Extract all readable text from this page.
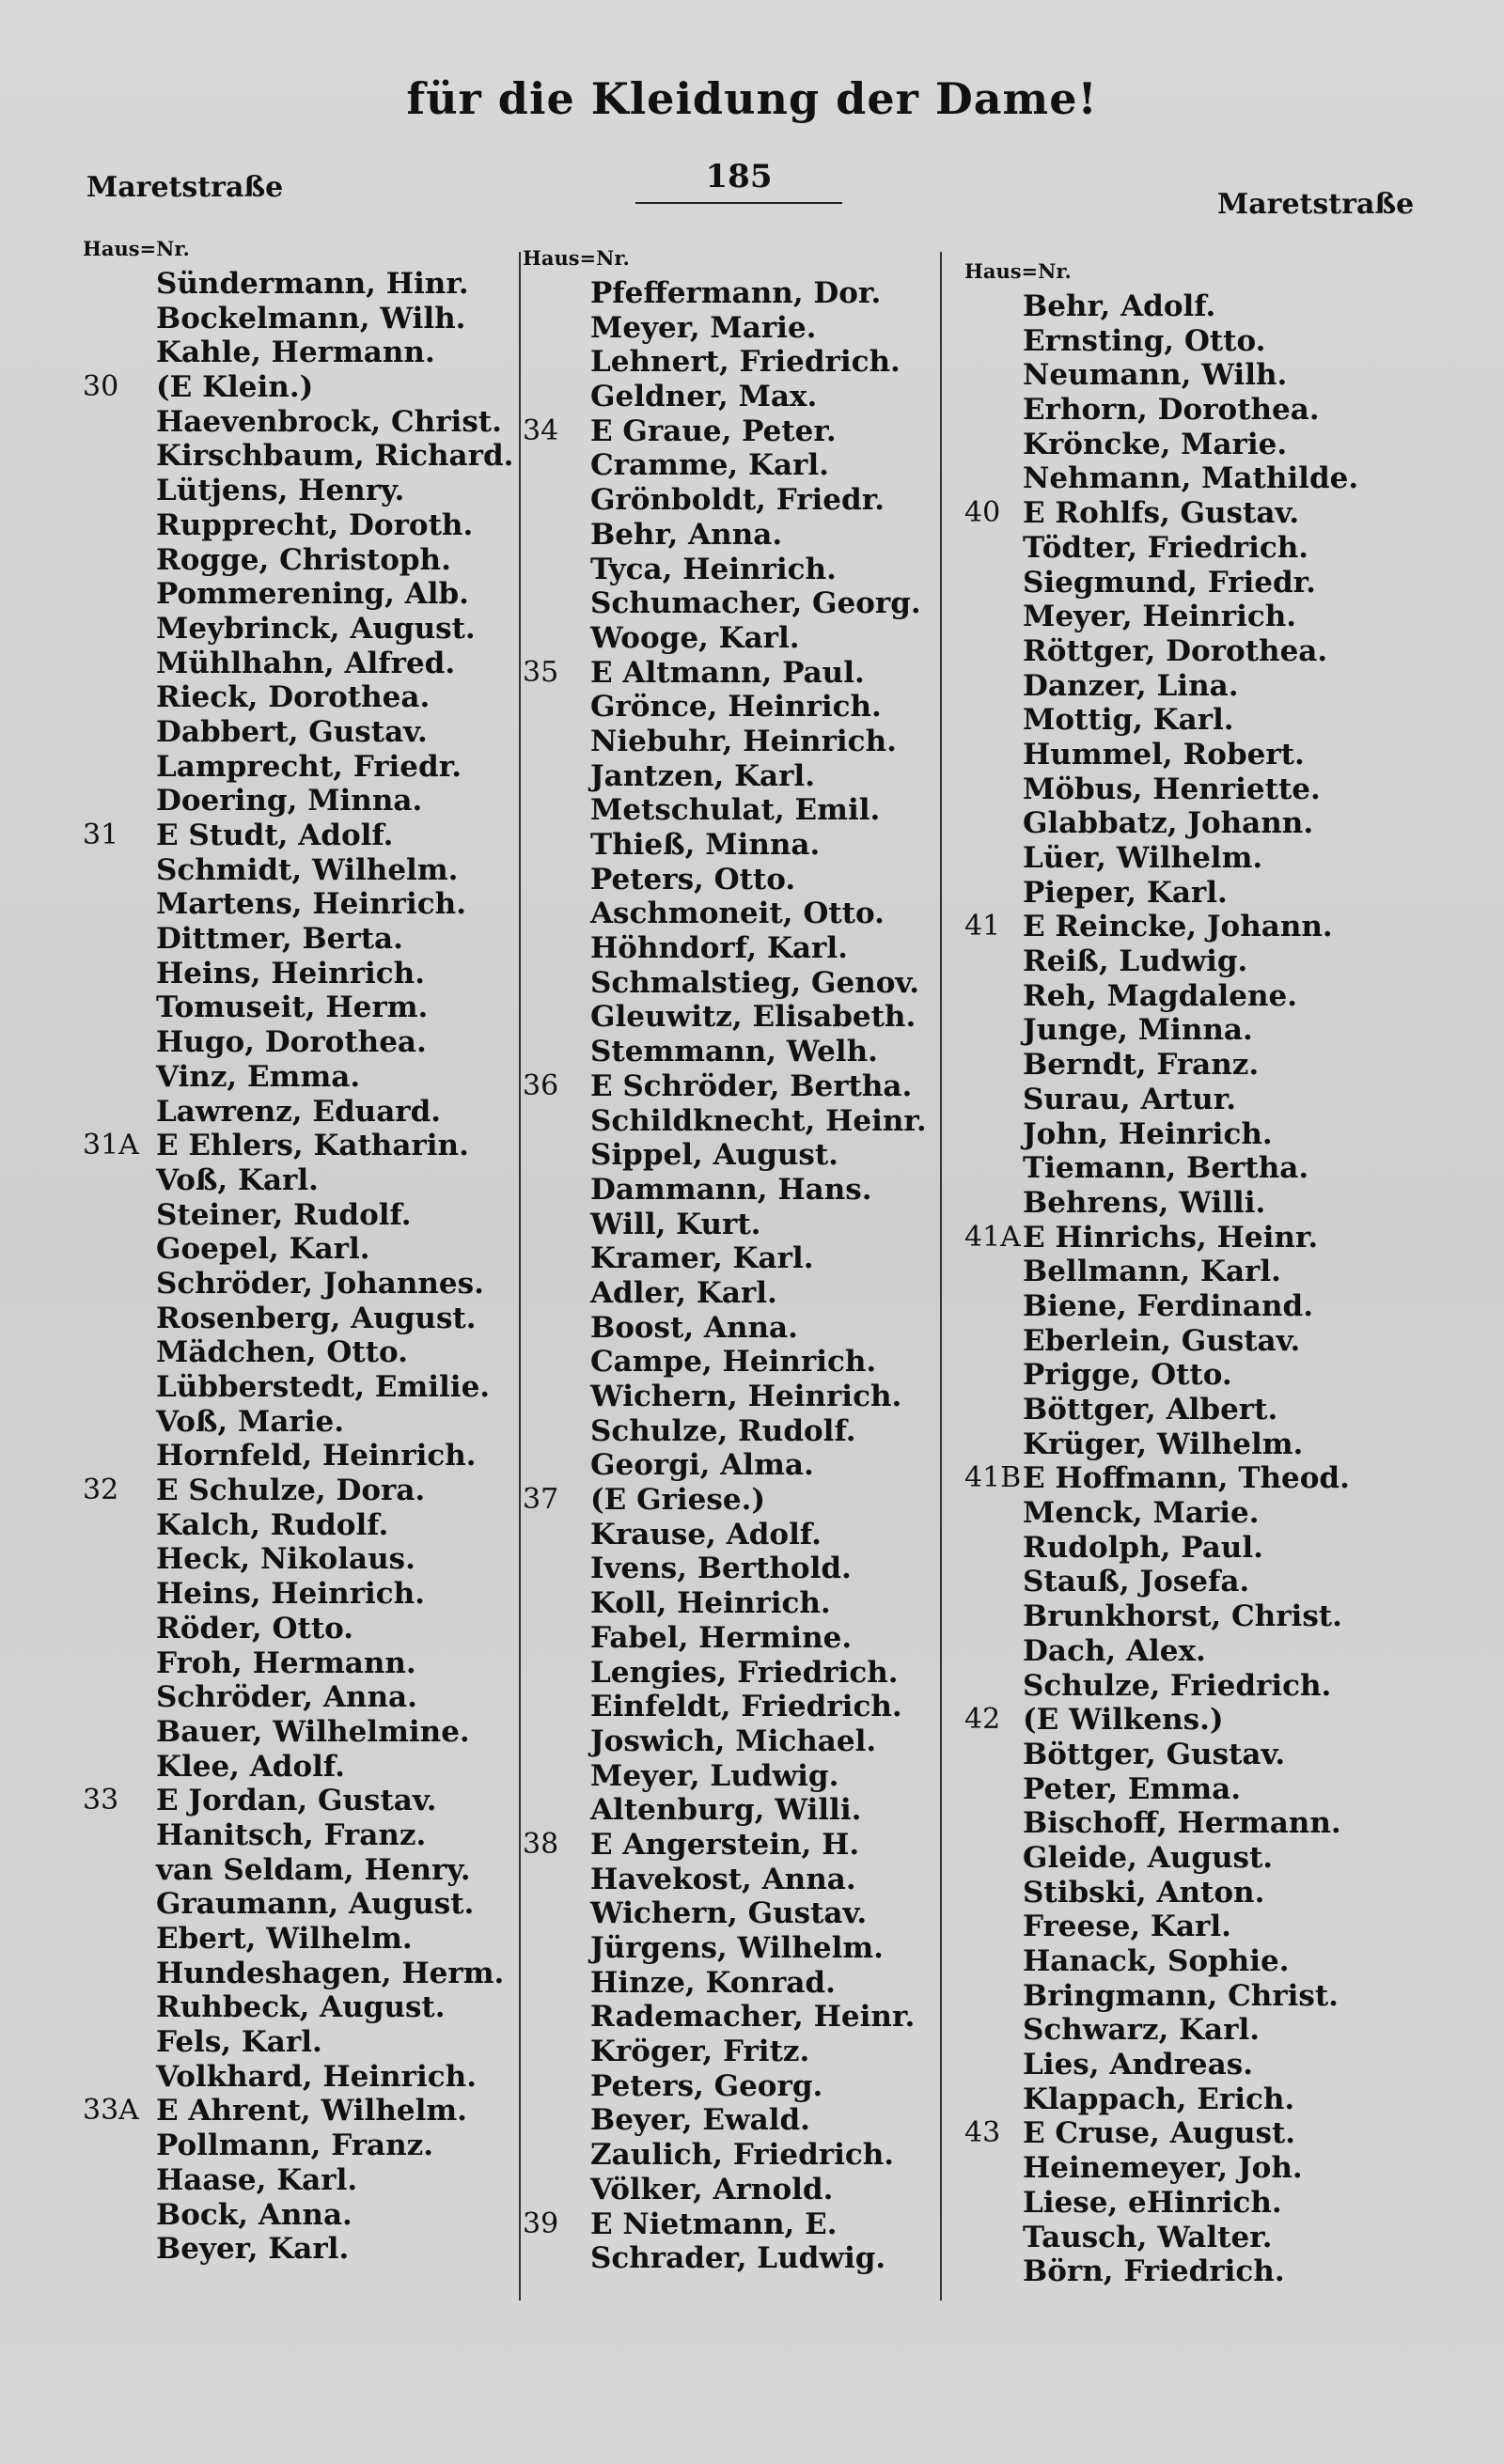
für die Kleidung der Dame!
Maretstraße	185
Maretstraße
Haus=Nr.
Sündermann, Hinr.
Bockelmann, Wilh.
Kahle, Hermann.
30 (E Klein.)
Haevenbrock, Christ.
Kirschbaum, Richard.
Lütjens, Henry.
Rupprecht, Doroth.
Rogge, Christoph.
Pommerening, Alb.
Meybrinck, August.
Mühlhahn, Alfred.
Rieck, Dorothea.
Dabbert, Gustav.
Lamprecht, Friedr.
Doering, Minna.
31 E Studt, Adolf.
Schmidt, Wilhelm.
Martens, Heinrich.
Dittmer, Berta.
Heins, Heinrich.
Tomuseit, Herm.
Hugo, Dorothea.
Vinz, Emma.
Lawrenz, Eduard.
31A E Ehlers, Katharin.
Voß, Karl.
Steiner, Rudolf.
Goepel, Karl.
Schröder, Johannes.
Rosenberg, August.
Mädchen, Otto.
Lübberstedt, Emilie.
Voß, Marie.
Hornfeld, Heinrich.
32 E Schulze, Dora.
Kalch, Rudolf.
Heck, Nikolaus.
Heins, Heinrich.
Röder, Otto.
Froh, Hermann.
Schröder, Anna.
Bauer, Wilhelmine.
Klee, Adolf.
33 E Jordan, Gustav.
Hanitsch, Franz.
van Seldam, Henry.
Graumann, August.
Ebert, Wilhelm.
Hundeshagen, Herm.
Ruhbeck, August.
Fels, Karl.
Volkhard, Heinrich.
33A E Ahrent, Wilhelm.
Pollmann, Franz.
Haase, Karl.
Bock, Anna.
Beyer, Karl.
Haus=Nr.
Pfeffermann, Dor.
Meyer, Marie.
Lehnert, Friedrich.
Geldner, Max.
34 E Graue, Peter.
Cramme, Karl.
Grönboldt, Friedr.
Behr, Anna.
Tyca, Heinrich.
Schumacher, Georg.
Wooge, Karl.
35 E Altmann, Paul.
Grönce, Heinrich.
Niebuhr, Heinrich.
Jantzen, Karl.
Metschulat, Emil.
Thieß, Minna.
Peters, Otto.
Aschmoneit, Otto.
Höhndorf, Karl.
Schmalstieg, Genov.
Gleuwitz, Elisabeth.
Stemmann, Welh.
36 E Schröder, Bertha.
Schildknecht, Heinr.
Sippel, August.
Dammann, Hans.
Will, Kurt.
Kramer, Karl.
Adler, Karl.
Boost, Anna.
Campe, Heinrich.
Wichern, Heinrich.
Schulze, Rudolf.
Georgi, Alma.
37 (E Griese.)
Krause, Adolf.
Ivens, Berthold.
Koll, Heinrich.
Fabel, Hermine.
Lengies, Friedrich.
Einfeldt, Friedrich.
Joswich, Michael.
Meyer, Ludwig.
Altenburg, Willi.
38 E Angerstein, H.
Havekost, Anna.
Wichern, Gustav.
Jürgens, Wilhelm.
Hinze, Konrad.
Rademacher, Heinr.
Kröger, Fritz.
Peters, Georg.
Beyer, Ewald.
Zaulich, Friedrich.
Völker, Arnold.
39 E Nietmann, E.
Schrader, Ludwig.
Haus=Nr.
Behr, Adolf.
Ernsting, Otto.
Neumann, Wilh.
Erhorn, Dorothea.
Kröncke, Marie.
Nehmann, Mathilde.
40 E Rohlfs, Gustav.
Tödter, Friedrich.
Siegmund, Friedr.
Meyer, Heinrich.
Röttger, Dorothea.
Danzer, Lina.
Mottig, Karl.
Hummel, Robert.
Möbus, Henriette.
Glabbatz, Johann.
Lüer, Wilhelm.
Pieper, Karl.
41 E Reincke, Johann.
Reiß, Ludwig.
Reh, Magdalene.
Junge, Minna.
Berndt, Franz.
Surau, Artur.
John, Heinrich.
Tiemann, Bertha.
Behrens, Willi.
41A E Hinrichs, Heinr.
Bellmann, Karl.
Biene, Ferdinand.
Eberlein, Gustav.
Prigge, Otto.
Böttger, Albert.
Krüger, Wilhelm.
41B E Hoffmann, Theod.
Menck, Marie.
Rudolph, Paul.
Stauß, Josefa.
Brunkhorst, Christ.
Dach, Alex.
Schulze, Friedrich.
42 (E Wilkens.)
Böttger, Gustav.
Peter, Emma.
Bischoff, Hermann.
Gleide, August.
Stibski, Anton.
Freese, Karl.
Hanack, Sophie.
Bringmann, Christ.
Schwarz, Karl.
Lies, Andreas.
Klappach, Erich.
43 E Cruse, August.
Heinemeyer, Joh.
Liese, eHinrich.
Tausch, Walter.
Börn, Friedrich.
